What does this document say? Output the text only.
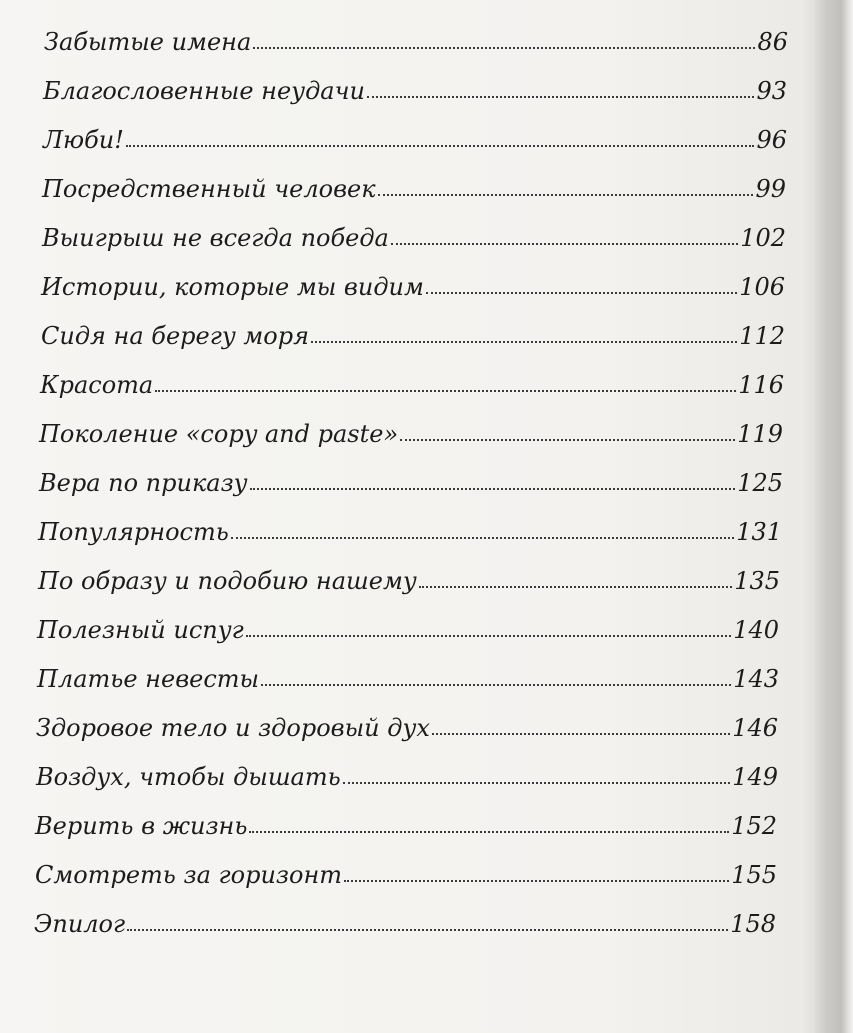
Забытые имена	86
Благословенные неудачи	93
Люби!	96
Посредственный человек	99
Выигрыш не всегда победа	102
Истории, которые мы видим	106
Сидя на берегу моря	112
Красота	116
Поколение «copy and paste»	119
Вера по приказу	125
Популярность	131
По образу и подобию нашему	135
Полезный испуг	140
Платье невесты	143
Здоровое тело и здоровый дух	146
Воздух, чтобы дышать	149
Верить в жизнь	152
Смотреть за горизонт	155
Эпилог	158
